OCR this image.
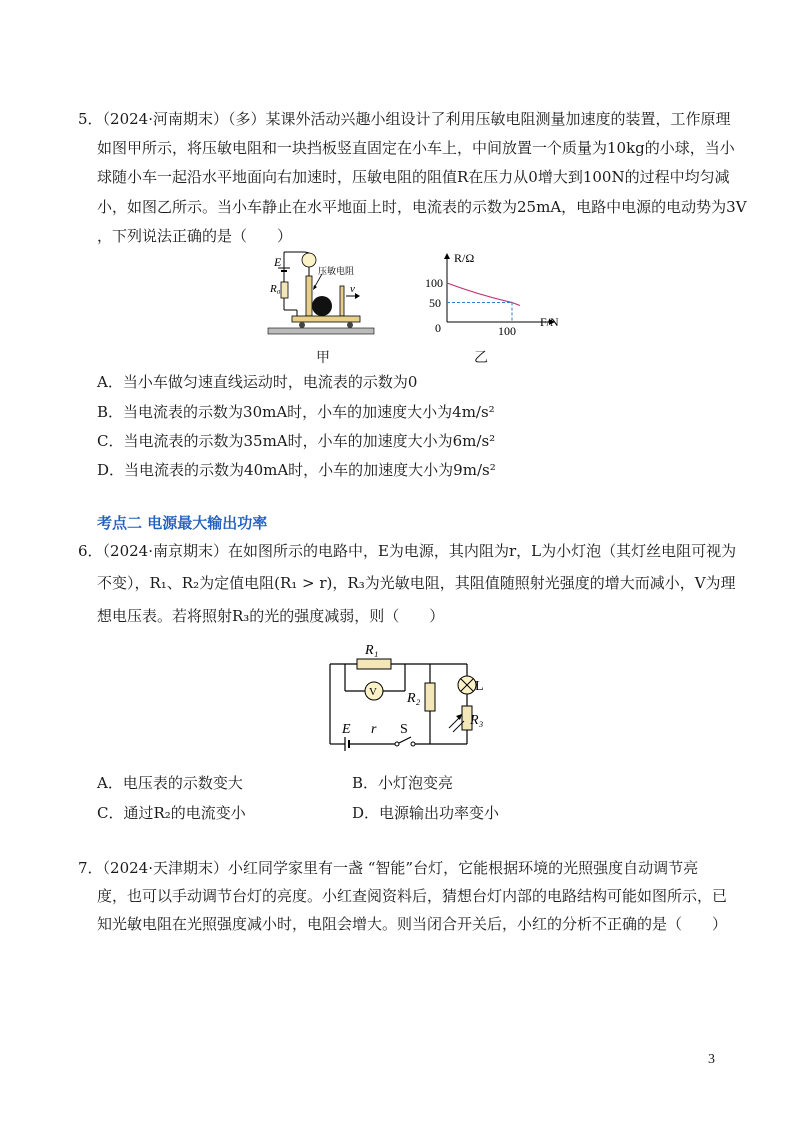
5．（2024·河南期末）（多）某课外活动兴趣小组设计了利用压敏电阻测量加速度的装置，工作原理
如图甲所示，将压敏电阻和一块挡板竖直固定在小车上，中间放置一个质量为10kg的小球，当小
球随小车一起沿水平地面向右加速时，压敏电阻的阻值R在压力从0增大到100N的过程中均匀减
小，如图乙所示。当小车静止在水平地面上时，电流表的示数为25mA，电路中电源的电动势为3V
，下列说法正确的是（　　）
E
R₀
压敏电阻
v
甲
R/Ω
F/N
100
50
0	100
乙
A．当小车做匀速直线运动时，电流表的示数为0
B．当电流表的示数为30mA时，小车的加速度大小为4m/s²
C．当电流表的示数为35mA时，小车的加速度大小为6m/s²
D．当电流表的示数为40mA时，小车的加速度大小为9m/s²
考点二 电源最大输出功率
6．（2024·南京期末）在如图所示的电路中，E为电源，其内阻为r，L为小灯泡（其灯丝电阻可视为
不变），R₁、R₂为定值电阻(R₁ > r)，R₃为光敏电阻，其阻值随照射光强度的增大而减小，V为理
想电压表。若将照射R₃的光的强度减弱，则（　　）
R₁
V R₂
L
R₃
E r S
A．电压表的示数变大	B．小灯泡变亮
C．通过R₂的电流变小	D．电源输出功率变小
7．（2024·天津期末）小红同学家里有一盏 “智能”台灯，它能根据环境的光照强度自动调节亮
度，也可以手动调节台灯的亮度。小红查阅资料后，猜想台灯内部的电路结构可能如图所示，已
知光敏电阻在光照强度减小时，电阻会增大。则当闭合开关后，小红的分析不正确的是（　　）
3
